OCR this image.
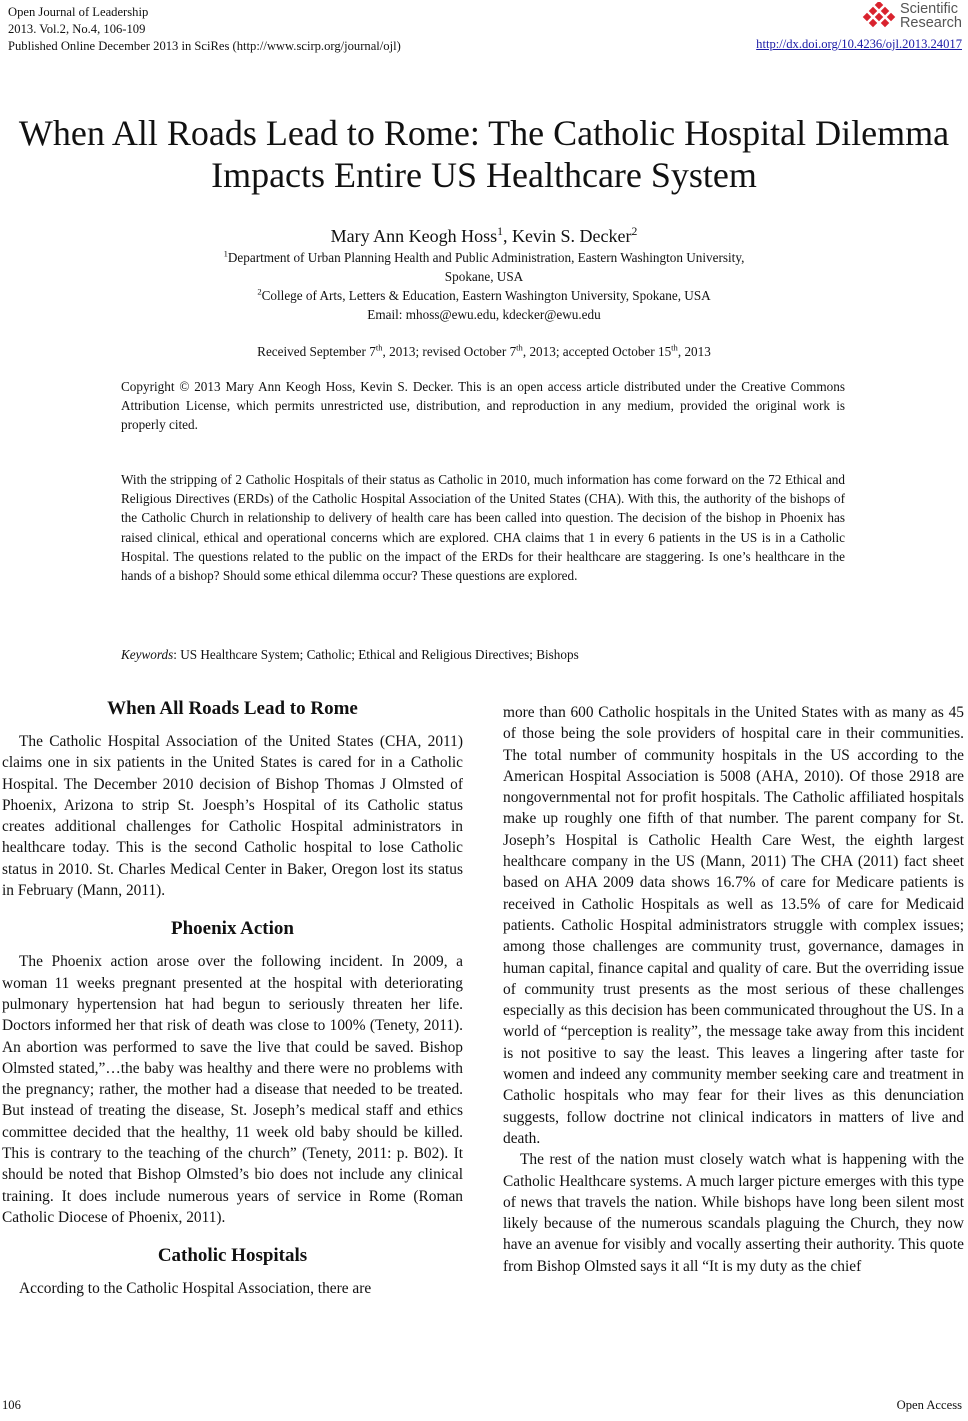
Open Journal of Leadership
2013. Vol.2, No.4, 106-109
Published Online December 2013 in SciRes (http://www.scirp.org/journal/ojl)
Scientific
Research
http://dx.doi.org/10.4236/ojl.2013.24017
When All Roads Lead to Rome: The Catholic Hospital Dilemma
Impacts Entire US Healthcare System
Mary Ann Keogh Hoss$^1$, Kevin S. Decker$^2$
$^1$Department of Urban Planning Health and Public Administration, Eastern Washington University,
Spokane, USA
$^2$College of Arts, Letters & Education, Eastern Washington University, Spokane, USA
Email: mhoss@ewu.edu, kdecker@ewu.edu
Received September 7th, 2013; revised October 7th, 2013; accepted October 15th, 2013
Copyright © 2013 Mary Ann Keogh Hoss, Kevin S. Decker. This is an open access article distributed under the Creative Commons Attribution License, which permits unrestricted use, distribution, and reproduction in any medium, provided the original work is properly cited.
With the stripping of 2 Catholic Hospitals of their status as Catholic in 2010, much information has come forward on the 72 Ethical and Religious Directives (ERDs) of the Catholic Hospital Association of the United States (CHA). With this, the authority of the bishops of the Catholic Church in relationship to delivery of health care has been called into question. The decision of the bishop in Phoenix has raised clinical, ethical and operational concerns which are explored. CHA claims that 1 in every 6 patients in the US is in a Catholic Hospital. The questions related to the public on the impact of the ERDs for their healthcare are staggering. Is one’s healthcare in the hands of a bishop? Should some ethical dilemma occur? These questions are explored.
Keywords: US Healthcare System; Catholic; Ethical and Religious Directives; Bishops
When All Roads Lead to Rome

The Catholic Hospital Association of the United States (CHA, 2011) claims one in six patients in the United States is cared for in a Catholic Hospital. The December 2010 decision of Bishop Thomas J Olmsted of Phoenix, Arizona to strip St. Joesph’s Hospital of its Catholic status creates additional challenges for Catholic Hospital administrators in healthcare today. This is the second Catholic hospital to lose Catholic status in 2010. St. Charles Medical Center in Baker, Oregon lost its status in February (Mann, 2011).

Phoenix Action

The Phoenix action arose over the following incident. In 2009, a woman 11 weeks pregnant presented at the hospital with deteriorating pulmonary hypertension hat had begun to seriously threaten her life. Doctors informed her that risk of death was close to 100% (Tenety, 2011). An abortion was performed to save the live that could be saved. Bishop Olmsted stated,”…the baby was healthy and there were no problems with the pregnancy; rather, the mother had a disease that needed to be treated. But instead of treating the disease, St. Joseph’s medical staff and ethics committee decided that the healthy, 11 week old baby should be killed. This is contrary to the teaching of the church” (Tenety, 2011: p. B02). It should be noted that Bishop Olmsted’s bio does not include any clinical training. It does include numerous years of service in Rome (Roman Catholic Diocese of Phoenix, 2011).

Catholic Hospitals

According to the Catholic Hospital Association, there are

more than 600 Catholic hospitals in the United States with as many as 45 of those being the sole providers of hospital care in their communities. The total number of community hospitals in the US according to the American Hospital Association is 5008 (AHA, 2010). Of those 2918 are nongovernmental not for profit hospitals. The Catholic affiliated hospitals make up roughly one fifth of that number. The parent company for St. Joseph’s Hospital is Catholic Health Care West, the eighth largest healthcare company in the US (Mann, 2011) The CHA (2011) fact sheet based on AHA 2009 data shows 16.7% of care for Medicare patients is received in Catholic Hospitals as well as 13.5% of care for Medicaid patients. Catholic Hospital administrators struggle with complex issues; among those challenges are community trust, governance, damages in human capital, finance capital and quality of care. But the overriding issue of community trust presents as the most serious of these challenges especially as this decision has been communicated throughout the US. In a world of “perception is reality”, the message take away from this incident is not positive to say the least. This leaves a lingering after taste for women and indeed any community member seeking care and treatment in Catholic hospitals who may fear for their lives as this denunciation suggests, follow doctrine not clinical indicators in matters of live and death.

The rest of the nation must closely watch what is happening with the Catholic Healthcare systems. A much larger picture emerges with this type of news that travels the nation. While bishops have long been silent most likely because of the numerous scandals plaguing the Church, they now have an avenue for visibly and vocally asserting their authority. This quote from Bishop Olmsted says it all “It is my duty as the chief

106	Open Access
